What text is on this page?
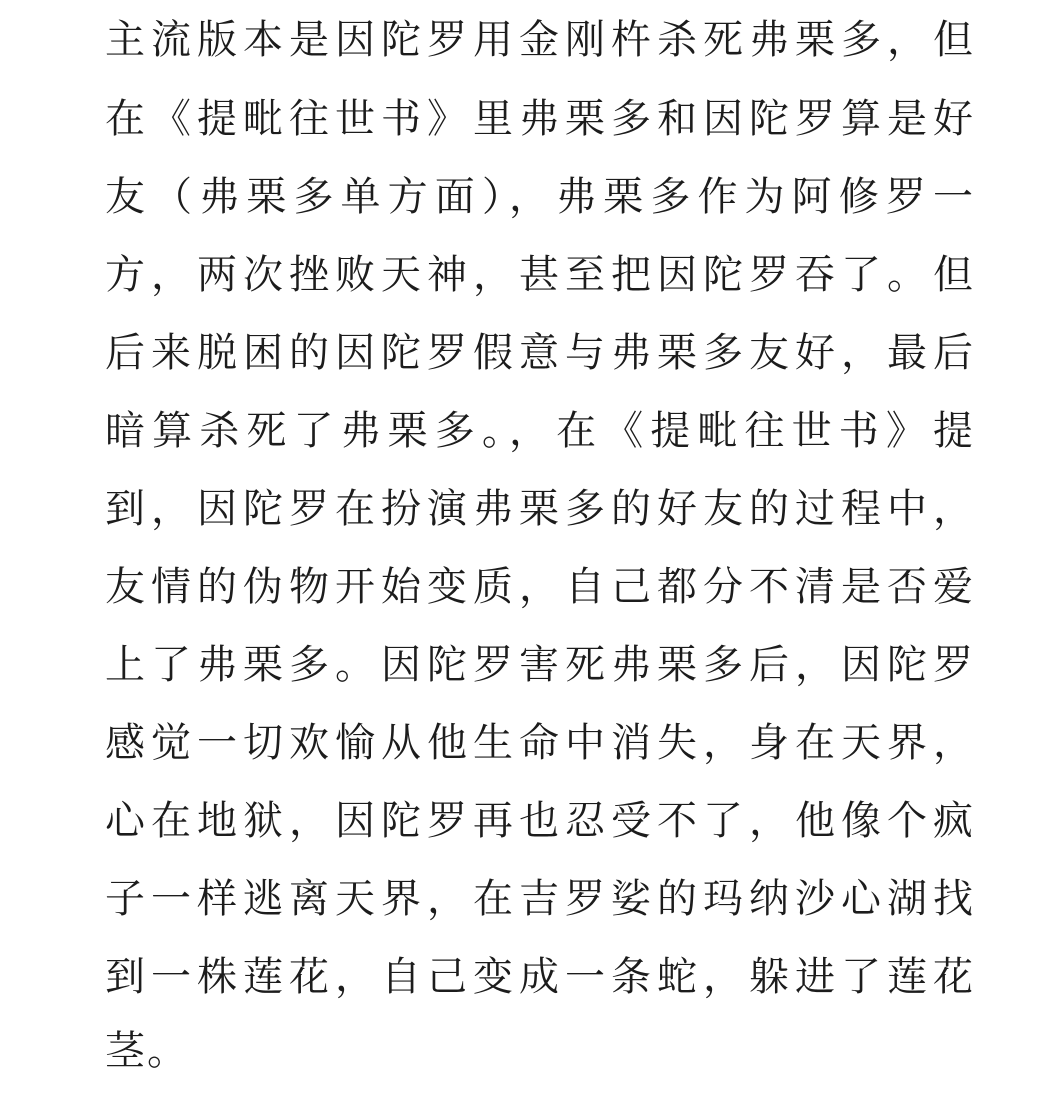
主流版本是因陀罗用金刚杵杀死弗栗多，但
在《提毗往世书》里弗栗多和因陀罗算是好
友（弗栗多单方面），弗栗多作为阿修罗一
方，两次挫败天神，甚至把因陀罗吞了。但
后来脱困的因陀罗假意与弗栗多友好，最后
暗算杀死了弗栗多。，在《提毗往世书》提
到，因陀罗在扮演弗栗多的好友的过程中，
友情的伪物开始变质，自己都分不清是否爱
上了弗栗多。因陀罗害死弗栗多后，因陀罗
感觉一切欢愉从他生命中消失，身在天界，
心在地狱，因陀罗再也忍受不了，他像个疯
子一样逃离天界，在吉罗娑的玛纳沙心湖找
到一株莲花，自己变成一条蛇，躲进了莲花
茎。
